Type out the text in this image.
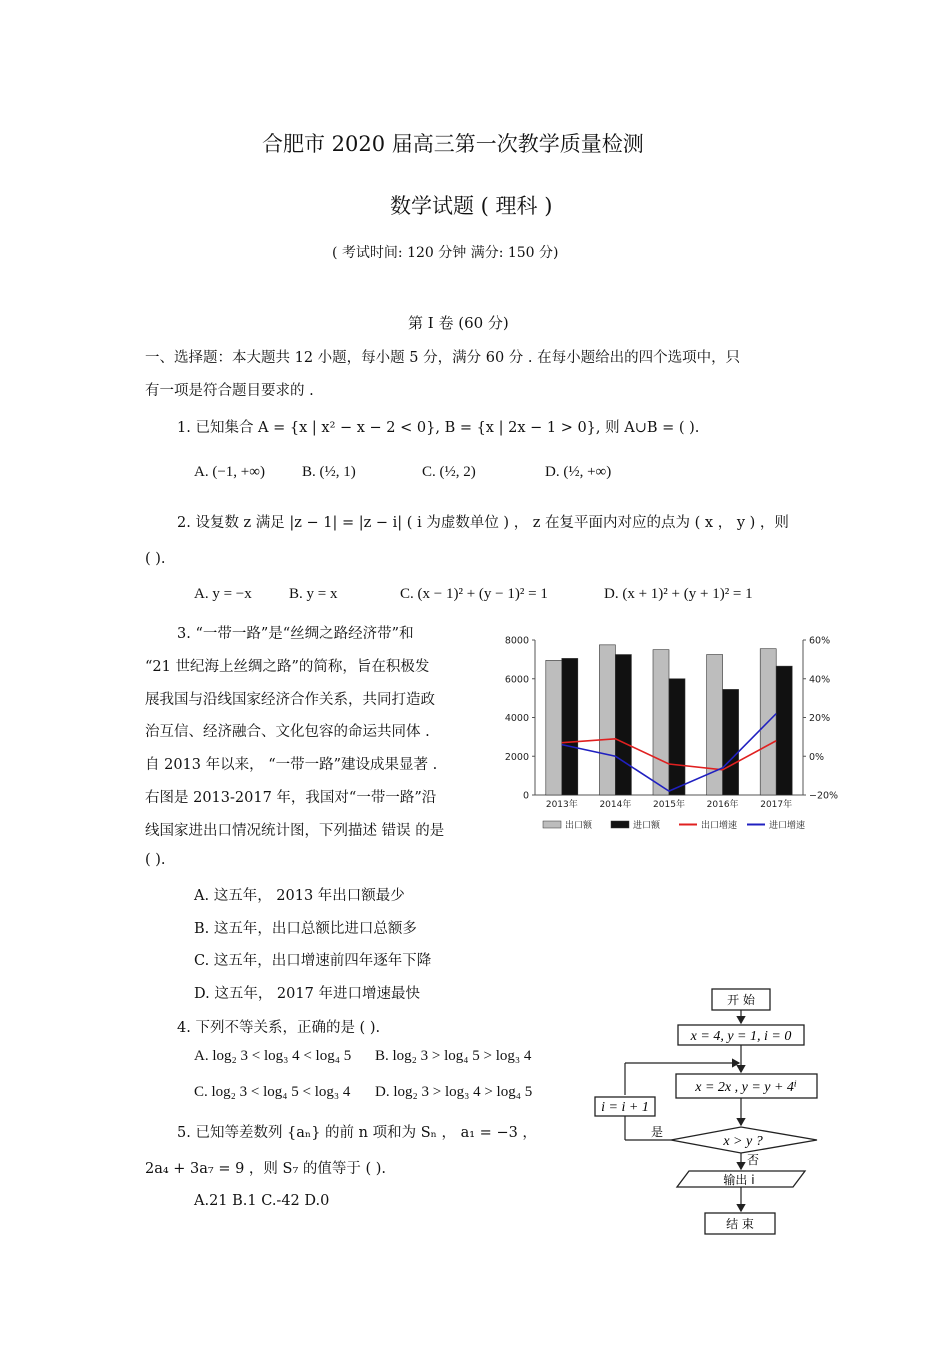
合肥市 2020 届高三第一次教学质量检测
数学试题 ( 理科 )
( 考试时间: 120 分钟 满分: 150 分)
第 I 卷 (60 分)
一、选择题：本大题共 12 小题，每小题 5 分，满分 60 分 . 在每小题给出的四个选项中，只
有一项是符合题目要求的 .
1. 已知集合 A = {x | x² − x − 2 < 0}, B = {x | 2x − 1 > 0}, 则 A∪B = ( ).
A. (−1, +∞) B. (½, 1)	C. (½, 2)	D. (½, +∞)
2. 设复数 z 满足 |z − 1| = |z − i| ( i 为虚数单位 ) ， z 在复平面内对应的点为 ( x ， y ) ，则
( ).
A. y = −x B. y = x	C. (x − 1)² + (y − 1)² = 1	D. (x + 1)² + (y + 1)² = 1
3. “一带一路”是“丝绸之路经济带”和
“21 世纪海上丝绸之路”的简称，旨在积极发
展我国与沿线国家经济合作关系，共同打造政
治互信、经济融合、文化包容的命运共同体 .
自 2013 年以来， “一带一路”建设成果显著 .
右图是 2013-2017 年，我国对“一带一路”沿
线国家进出口情况统计图，下列描述 错误 的是
( ).
A. 这五年， 2013 年出口额最少
B. 这五年，出口总额比进口总额多
C. 这五年，出口增速前四年逐年下降
D. 这五年， 2017 年进口增速最快
0
2000
4000
6000
8000
−20%
0%
20%
40%
60%
2013年 2014年 2015年 2016年 2017年
出口额	进口额	出口增速	进口增速
4. 下列不等关系，正确的是 ( ).
A. log₂ 3 < log₃ 4 < log₄ 5 B. log₂ 3 > log₄ 5 > log₃ 4
C. log₂ 3 < log₄ 5 < log₃ 4 D. log₂ 3 > log₃ 4 > log₄ 5
5. 已知等差数列 {aₙ} 的前 n 项和为 Sₙ ， a₁ = −3 ，
2a₄ + 3a₇ = 9 ，则 S₇ 的值等于 ( ).
A.21 B.1 C.-42 D.0
开 始
x = 4, y = 1, i = 0
x = 2x , y = y + 4ⁱ
i = i + 1
是
x > y ?
否
输出 i
结 束
